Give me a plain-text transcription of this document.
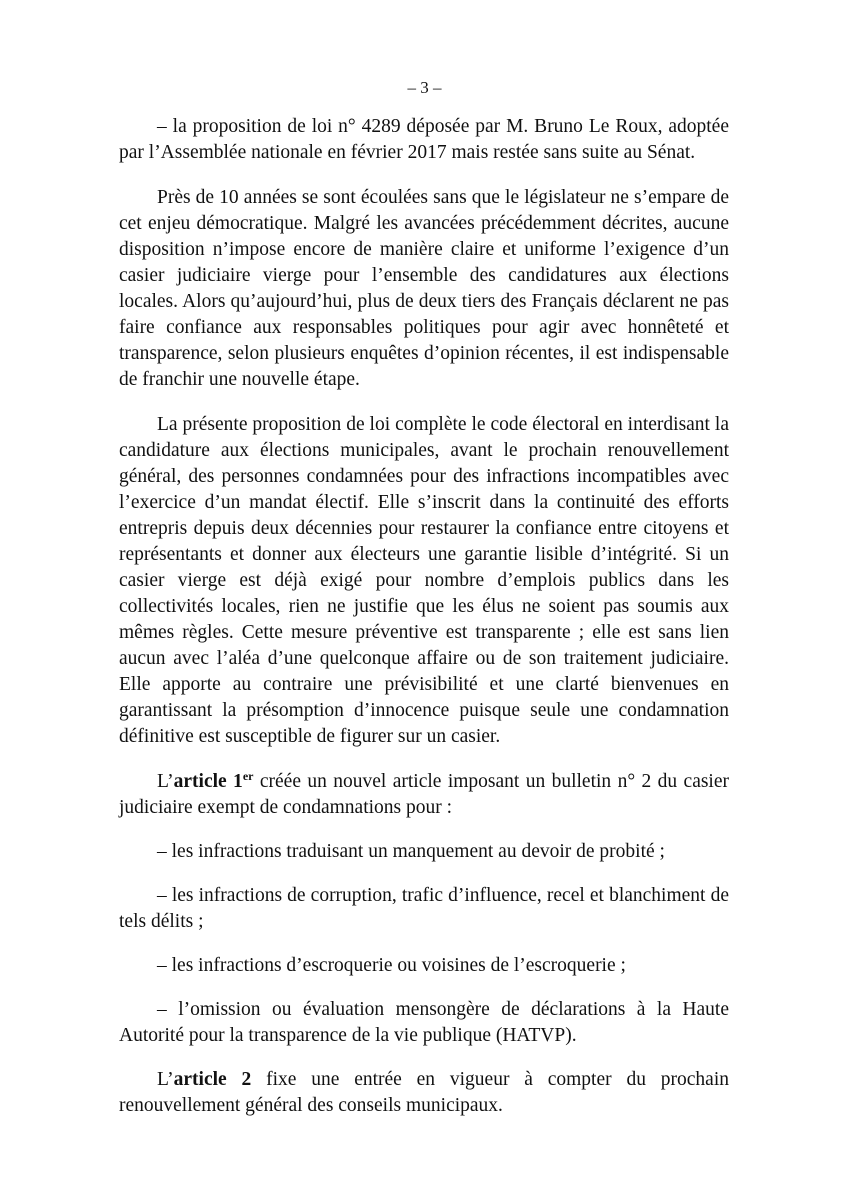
– 3 –

– la proposition de loi n° 4289 déposée par M. Bruno Le Roux, adoptée par l’Assemblée nationale en février 2017 mais restée sans suite au Sénat.

Près de 10 années se sont écoulées sans que le législateur ne s’empare de cet enjeu démocratique. Malgré les avancées précédemment décrites, aucune disposition n’impose encore de manière claire et uniforme l’exigence d’un casier judiciaire vierge pour l’ensemble des candidatures aux élections locales. Alors qu’aujourd’hui, plus de deux tiers des Français déclarent ne pas faire confiance aux responsables politiques pour agir avec honnêteté et transparence, selon plusieurs enquêtes d’opinion récentes, il est indispensable de franchir une nouvelle étape.

La présente proposition de loi complète le code électoral en interdisant la candidature aux élections municipales, avant le prochain renouvellement général, des personnes condamnées pour des infractions incompatibles avec l’exercice d’un mandat électif. Elle s’inscrit dans la continuité des efforts entrepris depuis deux décennies pour restaurer la confiance entre citoyens et représentants et donner aux électeurs une garantie lisible d’intégrité. Si un casier vierge est déjà exigé pour nombre d’emplois publics dans les collectivités locales, rien ne justifie que les élus ne soient pas soumis aux mêmes règles. Cette mesure préventive est transparente ; elle est sans lien aucun avec l’aléa d’une quelconque affaire ou de son traitement judiciaire. Elle apporte au contraire une prévisibilité et une clarté bienvenues en garantissant la présomption d’innocence puisque seule une condamnation définitive est susceptible de figurer sur un casier.

L’article 1er créée un nouvel article imposant un bulletin n° 2 du casier judiciaire exempt de condamnations pour :

– les infractions traduisant un manquement au devoir de probité ;

– les infractions de corruption, trafic d’influence, recel et blanchiment de tels délits ;

– les infractions d’escroquerie ou voisines de l’escroquerie ;

– l’omission ou évaluation mensongère de déclarations à la Haute Autorité pour la transparence de la vie publique (HATVP).

L’article 2 fixe une entrée en vigueur à compter du prochain renouvellement général des conseils municipaux.
